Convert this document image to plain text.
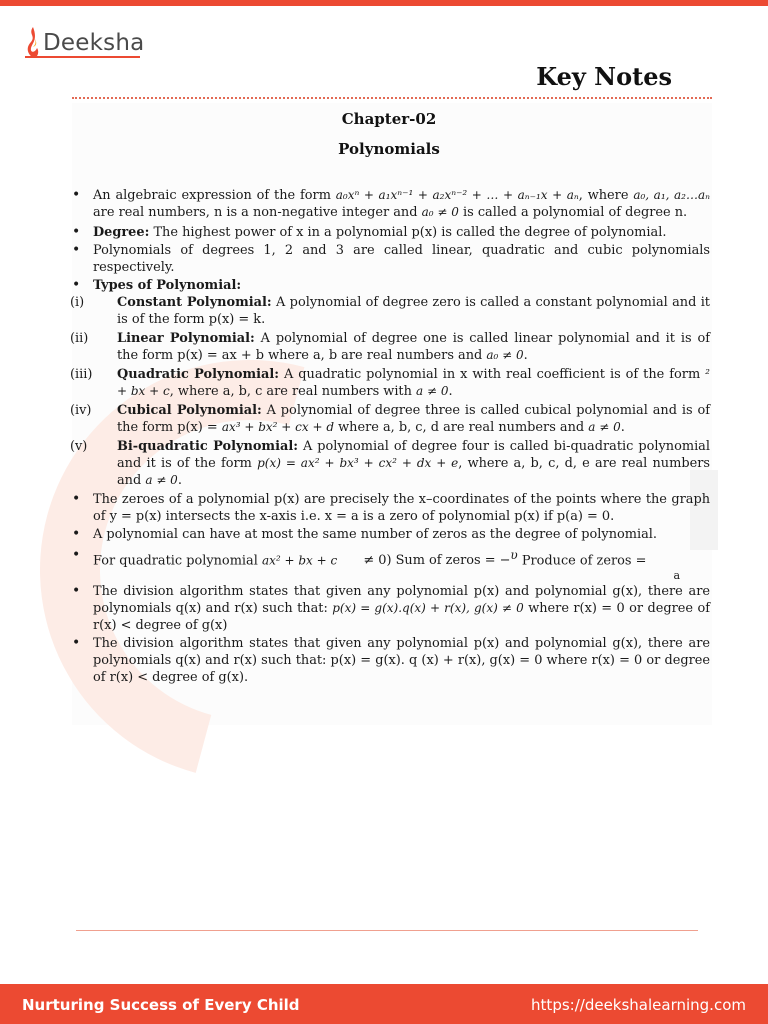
Deeksha
Key Notes
Chapter-02
Polynomials
• An algebraic expression of the form a₀xⁿ + a₁xⁿ⁻¹ + a₂xⁿ⁻² + … + aₙ₋₁x + aₙ, where a₀, a₁, a₂…aₙ are real numbers, n is a non-negative integer and a₀ ≠ 0 is called a polynomial of degree n.
• Degree: The highest power of x in a polynomial p(x) is called the degree of polynomial.
• Polynomials of degrees 1, 2 and 3 are called linear, quadratic and cubic polynomials respectively.
• Types of Polynomial:
(i)	Constant Polynomial: A polynomial of degree zero is called a constant polynomial and it is of the form p(x) = k.
(ii)	Linear Polynomial: A polynomial of degree one is called linear polynomial and it is of the form p(x) = ax + b where a, b are real numbers and a₀ ≠ 0.
(iii)	Quadratic Polynomial: A quadratic polynomial in x with real coefficient is of the form ² + bx + c, where a, b, c are real numbers with a ≠ 0.
(iv)	Cubical Polynomial: A polynomial of degree three is called cubical polynomial and is of the form p(x) = ax³ + bx² + cx + d where a, b, c, d are real numbers and a ≠ 0.
(v)	Bi-quadratic Polynomial: A polynomial of degree four is called bi-quadratic polynomial and it is of the form p(x) = ax² + bx³ + cx² + dx + e, where a, b, c, d, e are real numbers and a ≠ 0.
• The zeroes of a polynomial p(x) are precisely the x–coordinates of the points where the graph of y = p(x) intersects the x-axis i.e. x = a is a zero of polynomial p(x) if p(a) = 0.
• A polynomial can have at most the same number of zeros as the degree of polynomial.
• For quadratic polynomial ax² + bx + c ≠ 0) Sum of zeros = −$^\upsilon$ Produce of zeros =
a
• The division algorithm states that given any polynomial p(x) and polynomial g(x), there are polynomials q(x) and r(x) such that: p(x) = g(x).q(x) + r(x), g(x) ≠ 0 where r(x) = 0 or degree of r(x) < degree of g(x)
• The division algorithm states that given any polynomial p(x) and polynomial g(x), there are polynomials q(x) and r(x) such that: p(x) = g(x). q (x) + r(x), g(x) = 0 where r(x) = 0 or degree of r(x) < degree of g(x).
Nurturing Success of Every Child	https://deekshalearning.com
